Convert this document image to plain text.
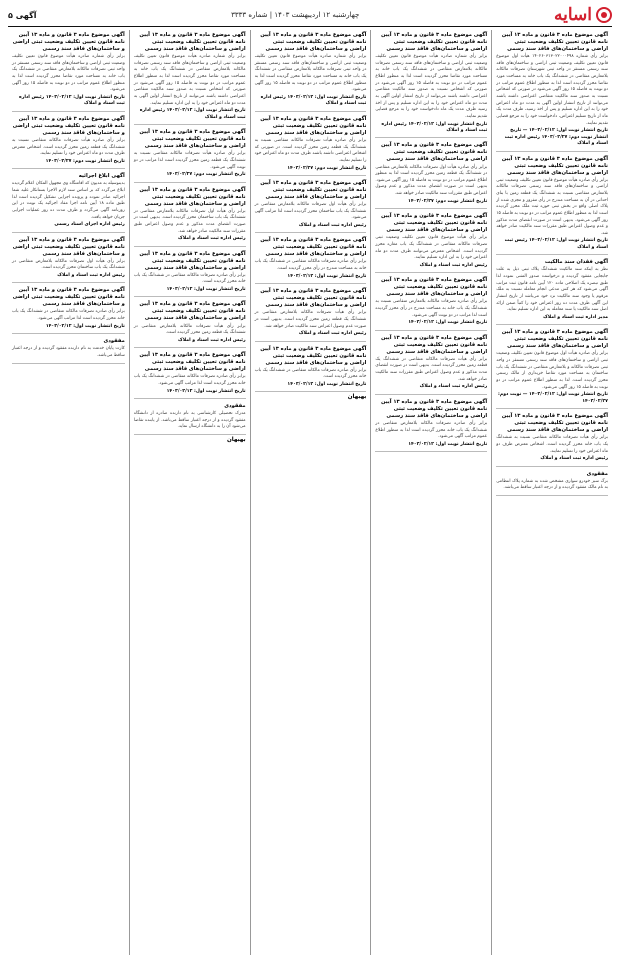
اسایه
چهارشنبه ۱۲ اردیبهشت ۱۴۰۳ | شماره ۳۳۳۳
۵ آگهی
آگهی موضوع ماده ۳ قانون و ماده ۱۳ آیین نامه قانون تعیین تکلیف وضعیت ثبتی اراضی و ساختمان‌های فاقد سند رسمی
برابر رأی شماره ۱۴۰۲۶۰۳۱۳۰۲۲۰۰۰۴۹۸ هیأت اول موضوع قانون تعیین تکلیف وضعیت ثبتی اراضی و ساختمان‌های فاقد سند رسمی مستقر در واحد ثبتی شهرستان تصرفات مالکانه بلامعارض متقاضی در ششدانگ یک باب خانه به مساحت مورد تقاضا محرز گردیده است لذا به منظور اطلاع عموم مراتب در دو نوبت به فاصله ۱۵ روز آگهی می‌شود در صورتی که اشخاص نسبت به صدور سند مالکیت متقاضی اعتراضی داشته باشند می‌توانند از تاریخ انتشار اولین آگهی به مدت دو ماه اعتراض خود را به این اداره تسلیم و پس از اخذ رسید، ظرف مدت یک ماه از تاریخ تسلیم اعتراض، دادخواست خود را به مرجع قضایی تقدیم نمایند.
تاریخ انتشار نوبت اول: ۱۴۰۳/۰۲/۱۲ — تاریخ انتشار نوبت دوم: ۱۴۰۳/۰۲/۲۷ رئیس اداره ثبت اسناد و املاک
آگهی موضوع ماده ۳ قانون و ماده ۱۳ آیین نامه قانون تعیین تکلیف وضعیت ثبتی اراضی و ساختمان‌های فاقد سند رسمی
برابر رأی صادره هیأت موضوع قانون تعیین تکلیف وضعیت ثبتی اراضی و ساختمان‌های فاقد سند رسمی تصرفات مالکانه بلامعارض متقاضی نسبت به ششدانگ یک قطعه زمین با بنای احداثی در آن به مساحت مندرج در رأی مفروز و مجزی شده از پلاک اصلی واقع در بخش ثبتی حوزه ثبت ملک محرز گردیده است لذا به منظور اطلاع عموم مراتب در دو نوبت به فاصله ۱۵ روز آگهی می‌شود. بدیهی است در صورت انقضای مدت مذکور و عدم وصول اعتراض طبق مقررات سند مالکیت صادر خواهد شد.
تاریخ انتشار نوبت اول: ۱۴۰۳/۰۲/۱۲ رئیس ثبت اسناد و املاک
آگهی فقدان سند مالکیت
نظر به اینکه سند مالکیت ششدانگ پلاک ثبتی ذیل به علت جابجایی مفقود گردیده و درخواست صدور المثنی نموده لذا طبق تبصره یک اصلاحی ماده ۱۲۰ آیین نامه قانون ثبت مراتب آگهی می‌شود که هر کس مدعی انجام معامله نسبت به ملک مرقوم یا وجود سند مالکیت نزد خود می‌باشد از تاریخ انتشار این آگهی ظرف مدت ده روز اعتراض خود را کتباً ضمن ارائه اصل سند مالکیت یا سند معامله به این اداره تسلیم نماید.
مدیر اداره ثبت اسناد و املاک
آگهی موضوع ماده ۳ قانون و ماده ۱۳ آیین نامه قانون تعیین تکلیف وضعیت ثبتی اراضی و ساختمان‌های فاقد سند رسمی
برابر رأی صادره هیأت اول موضوع قانون تعیین تکلیف وضعیت ثبتی اراضی و ساختمان‌های فاقد سند رسمی مستقر در واحد ثبتی تصرفات مالکانه و بلامعارض متقاضی در ششدانگ یک باب ساختمان به مساحت مورد تقاضا خریداری از مالک رسمی محرز گردیده است. لذا به منظور اطلاع عموم مراتب در دو نوبت به فاصله ۱۵ روز آگهی می‌شود.
تاریخ انتشار نوبت اول: ۱۴۰۳/۰۲/۱۲ — نوبت دوم: ۱۴۰۳/۰۲/۲۷
آگهی موضوع ماده ۳ قانون و ماده ۱۳ آیین نامه قانون تعیین تکلیف وضعیت ثبتی اراضی و ساختمان‌های فاقد سند رسمی
برابر رأی هیأت تصرفات مالکانه متقاضی نسبت به ششدانگ یک باب خانه محرز گردیده است. اشخاص معترض ظرف دو ماه اعتراض خود را تسلیم نمایند.
رئیس اداره ثبت اسناد و املاک
مفقودی
برگ سبز خودرو سواری مشخص شده به شماره پلاک انتظامی به نام مالک مفقود گردیده و از درجه اعتبار ساقط می‌باشد.
آگهی موضوع ماده ۳ قانون و ماده ۱۳ آیین نامه قانون تعیین تکلیف وضعیت ثبتی اراضی و ساختمان‌های فاقد سند رسمی
برابر رأی شماره صادره هیأت موضوع قانون تعیین تکلیف وضعیت ثبتی اراضی و ساختمان‌های فاقد سند رسمی تصرفات مالکانه بلامعارض متقاضی در ششدانگ یک باب خانه به مساحت مورد تقاضا محرز گردیده است لذا به منظور اطلاع عموم مراتب در دو نوبت به فاصله ۱۵ روز آگهی می‌شود در صورتی که اشخاص نسبت به صدور سند مالکیت متقاضی اعتراضی داشته باشند می‌توانند از تاریخ انتشار اولین آگهی به مدت دو ماه اعتراض خود را به این اداره تسلیم و پس از اخذ رسید ظرف مدت یک ماه دادخواست خود را به مرجع قضایی تقدیم نمایند.
تاریخ انتشار نوبت اول: ۱۴۰۳/۰۲/۱۲ رئیس اداره ثبت اسناد و املاک
آگهی موضوع ماده ۳ قانون و ماده ۱۳ آیین نامه قانون تعیین تکلیف وضعیت ثبتی اراضی و ساختمان‌های فاقد سند رسمی
برابر رأی صادره هیأت اول تصرفات مالکانه بلامعارض متقاضی در ششدانگ یک قطعه زمین محرز گردیده است لذا به منظور اطلاع عموم مراتب در دو نوبت به فاصله ۱۵ روز آگهی می‌شود. بدیهی است در صورت انقضای مدت مذکور و عدم وصول اعتراض طبق مقررات سند مالکیت صادر خواهد شد.
تاریخ انتشار نوبت دوم: ۱۴۰۳/۰۲/۲۷
آگهی موضوع ماده ۳ قانون و ماده ۱۳ آیین نامه قانون تعیین تکلیف وضعیت ثبتی اراضی و ساختمان‌های فاقد سند رسمی
برابر رأی هیأت موضوع قانون تعیین تکلیف وضعیت ثبتی تصرفات مالکانه متقاضی در ششدانگ یک باب مغازه محرز گردیده است. اشخاص معترض می‌توانند ظرف مدت دو ماه اعتراض خود را به این اداره تسلیم نمایند.
رئیس اداره ثبت اسناد و املاک
آگهی موضوع ماده ۳ قانون و ماده ۱۳ آیین نامه قانون تعیین تکلیف وضعیت ثبتی اراضی و ساختمان‌های فاقد سند رسمی
برابر رأی صادره تصرفات مالکانه بلامعارض متقاضی نسبت به ششدانگ یک باب خانه به مساحت مندرج در رأی محرز گردیده است لذا مراتب در دو نوبت آگهی می‌شود.
تاریخ انتشار نوبت اول: ۱۴۰۳/۰۲/۱۲
آگهی موضوع ماده ۳ قانون و ماده ۱۳ آیین نامه قانون تعیین تکلیف وضعیت ثبتی اراضی و ساختمان‌های فاقد سند رسمی
برابر رأی هیأت تصرفات مالکانه متقاضی در ششدانگ یک قطعه زمین محرز گردیده است. بدیهی است در صورت انقضای مدت مذکور و عدم وصول اعتراض طبق مقررات سند مالکیت صادر خواهد شد.
رئیس اداره ثبت اسناد و املاک
آگهی موضوع ماده ۳ قانون و ماده ۱۳ آیین نامه قانون تعیین تکلیف وضعیت ثبتی اراضی و ساختمان‌های فاقد سند رسمی
برابر رأی صادره تصرفات مالکانه بلامعارض متقاضی در ششدانگ یک باب خانه محرز گردیده است لذا به منظور اطلاع عموم مراتب آگهی می‌شود.
تاریخ انتشار نوبت اول: ۱۴۰۳/۰۲/۱۲
آگهی موضوع ماده ۳ قانون و ماده ۱۳ آیین نامه قانون تعیین تکلیف وضعیت ثبتی اراضی و ساختمان‌های فاقد سند رسمی
برابر رأی شماره صادره هیأت موضوع قانون تعیین تکلیف وضعیت ثبتی اراضی و ساختمان‌های فاقد سند رسمی مستقر در واحد ثبتی تصرفات مالکانه بلامعارض متقاضی در ششدانگ یک باب خانه به مساحت مورد تقاضا محرز گردیده است لذا به منظور اطلاع عموم مراتب در دو نوبت به فاصله ۱۵ روز آگهی می‌شود.
تاریخ انتشار نوبت اول: ۱۴۰۳/۰۲/۱۲ رئیس اداره ثبت اسناد و املاک
آگهی موضوع ماده ۳ قانون و ماده ۱۳ آیین نامه قانون تعیین تکلیف وضعیت ثبتی اراضی و ساختمان‌های فاقد سند رسمی
برابر رأی صادره هیأت تصرفات مالکانه متقاضی نسبت به ششدانگ یک قطعه زمین محرز گردیده است. در صورتی که اشخاص اعتراضی داشته باشند ظرف مدت دو ماه اعتراض خود را تسلیم نمایند.
تاریخ انتشار نوبت دوم: ۱۴۰۳/۰۲/۲۷
آگهی موضوع ماده ۳ قانون و ماده ۱۳ آیین نامه قانون تعیین تکلیف وضعیت ثبتی اراضی و ساختمان‌های فاقد سند رسمی
برابر رأی هیأت اول تصرفات مالکانه بلامعارض متقاضی در ششدانگ یک باب ساختمان محرز گردیده است لذا مراتب آگهی می‌شود.
رئیس اداره ثبت اسناد و املاک
آگهی موضوع ماده ۳ قانون و ماده ۱۳ آیین نامه قانون تعیین تکلیف وضعیت ثبتی اراضی و ساختمان‌های فاقد سند رسمی
برابر رأی صادره تصرفات مالکانه متقاضی در ششدانگ یک باب خانه به مساحت مندرج در رأی محرز گردیده است.
تاریخ انتشار نوبت اول: ۱۴۰۳/۰۲/۱۲
آگهی موضوع ماده ۳ قانون و ماده ۱۳ آیین نامه قانون تعیین تکلیف وضعیت ثبتی اراضی و ساختمان‌های فاقد سند رسمی
برابر رأی هیأت تصرفات مالکانه بلامعارض متقاضی در ششدانگ یک قطعه زمین محرز گردیده است. بدیهی است در صورت عدم وصول اعتراض سند مالکیت صادر خواهد شد.
رئیس اداره ثبت اسناد و املاک
آگهی موضوع ماده ۳ قانون و ماده ۱۳ آیین نامه قانون تعیین تکلیف وضعیت ثبتی اراضی و ساختمان‌های فاقد سند رسمی
برابر رأی صادره تصرفات مالکانه متقاضی در ششدانگ یک باب خانه محرز گردیده است.
تاریخ انتشار نوبت اول: ۱۴۰۳/۰۲/۱۲
بهبهان
آگهی موضوع ماده ۳ قانون و ماده ۱۳ آیین نامه قانون تعیین تکلیف وضعیت ثبتی اراضی و ساختمان‌های فاقد سند رسمی
برابر رأی شماره صادره هیأت موضوع قانون تعیین تکلیف وضعیت ثبتی اراضی و ساختمان‌های فاقد سند رسمی تصرفات مالکانه بلامعارض متقاضی در ششدانگ یک باب خانه به مساحت مورد تقاضا محرز گردیده است لذا به منظور اطلاع عموم مراتب در دو نوبت به فاصله ۱۵ روز آگهی می‌شود در صورتی که اشخاص نسبت به صدور سند مالکیت متقاضی اعتراضی داشته باشند می‌توانند از تاریخ انتشار اولین آگهی به مدت دو ماه اعتراض خود را به این اداره تسلیم نمایند.
تاریخ انتشار نوبت اول: ۱۴۰۳/۰۲/۱۲ رئیس اداره ثبت اسناد و املاک
آگهی موضوع ماده ۳ قانون و ماده ۱۳ آیین نامه قانون تعیین تکلیف وضعیت ثبتی اراضی و ساختمان‌های فاقد سند رسمی
برابر رأی صادره هیأت تصرفات مالکانه متقاضی نسبت به ششدانگ یک قطعه زمین محرز گردیده است لذا مراتب در دو نوبت آگهی می‌شود.
تاریخ انتشار نوبت دوم: ۱۴۰۳/۰۲/۲۷
آگهی موضوع ماده ۳ قانون و ماده ۱۳ آیین نامه قانون تعیین تکلیف وضعیت ثبتی اراضی و ساختمان‌های فاقد سند رسمی
برابر رأی هیأت اول تصرفات مالکانه بلامعارض متقاضی در ششدانگ یک باب ساختمان محرز گردیده است. بدیهی است در صورت انقضای مدت مذکور و عدم وصول اعتراض طبق مقررات سند مالکیت صادر خواهد شد.
رئیس اداره ثبت اسناد و املاک
آگهی موضوع ماده ۳ قانون و ماده ۱۳ آیین نامه قانون تعیین تکلیف وضعیت ثبتی اراضی و ساختمان‌های فاقد سند رسمی
برابر رأی صادره تصرفات مالکانه متقاضی در ششدانگ یک باب خانه محرز گردیده است.
تاریخ انتشار نوبت اول: ۱۴۰۳/۰۲/۱۲
آگهی موضوع ماده ۳ قانون و ماده ۱۳ آیین نامه قانون تعیین تکلیف وضعیت ثبتی اراضی و ساختمان‌های فاقد سند رسمی
برابر رأی هیأت تصرفات مالکانه بلامعارض متقاضی در ششدانگ یک قطعه زمین محرز گردیده است.
رئیس اداره ثبت اسناد و املاک
آگهی موضوع ماده ۳ قانون و ماده ۱۳ آیین نامه قانون تعیین تکلیف وضعیت ثبتی اراضی و ساختمان‌های فاقد سند رسمی
برابر رأی صادره تصرفات مالکانه متقاضی در ششدانگ یک باب خانه محرز گردیده است لذا مراتب آگهی می‌شود.
تاریخ انتشار نوبت اول: ۱۴۰۳/۰۲/۱۲
مفقودی
مدرک تحصیلی کارشناسی به نام دارنده صادره از دانشگاه مفقود گردیده و از درجه اعتبار ساقط می‌باشد. از یابنده تقاضا می‌شود آن را به دانشگاه ارسال نماید.
بهبهان
آگهی موضوع ماده ۳ قانون و ماده ۱۳ آیین نامه قانون تعیین تکلیف وضعیت ثبتی اراضی و ساختمان‌های فاقد سند رسمی
برابر رأی شماره صادره هیأت موضوع قانون تعیین تکلیف وضعیت ثبتی اراضی و ساختمان‌های فاقد سند رسمی مستقر در واحد ثبتی تصرفات مالکانه بلامعارض متقاضی در ششدانگ یک باب خانه به مساحت مورد تقاضا محرز گردیده است لذا به منظور اطلاع عموم مراتب در دو نوبت به فاصله ۱۵ روز آگهی می‌شود.
تاریخ انتشار نوبت اول: ۱۴۰۳/۰۲/۱۲ رئیس اداره ثبت اسناد و املاک
آگهی موضوع ماده ۳ قانون و ماده ۱۳ آیین نامه قانون تعیین تکلیف وضعیت ثبتی اراضی و ساختمان‌های فاقد سند رسمی
برابر رأی صادره هیأت تصرفات مالکانه متقاضی نسبت به ششدانگ یک قطعه زمین محرز گردیده است. اشخاص معترض ظرف مدت دو ماه اعتراض خود را تسلیم نمایند.
تاریخ انتشار نوبت دوم: ۱۴۰۳/۰۲/۲۷
آگهی ابلاغ اجرائیه
بدینوسیله به مدیون که اقامتگاه وی مجهول المکان اعلام گردیده ابلاغ می‌گردد که بر اساس سند لازم الاجرا بستانکار علیه شما اجرائیه صادر نموده و پرونده اجرایی تشکیل گردیده است لذا طبق ماده ۱۸ آیین نامه اجرا مفاد اجرائیه یک نوبت در این روزنامه آگهی می‌گردد و ظرف مدت ده روز عملیات اجرایی جریان خواهد یافت.
رئیس اداره اجرای اسناد رسمی
آگهی موضوع ماده ۳ قانون و ماده ۱۳ آیین نامه قانون تعیین تکلیف وضعیت ثبتی اراضی و ساختمان‌های فاقد سند رسمی
برابر رأی هیأت اول تصرفات مالکانه بلامعارض متقاضی در ششدانگ یک باب ساختمان محرز گردیده است.
رئیس اداره ثبت اسناد و املاک
آگهی موضوع ماده ۳ قانون و ماده ۱۳ آیین نامه قانون تعیین تکلیف وضعیت ثبتی اراضی و ساختمان‌های فاقد سند رسمی
برابر رأی صادره تصرفات مالکانه متقاضی در ششدانگ یک باب خانه محرز گردیده است لذا مراتب آگهی می‌شود.
تاریخ انتشار نوبت اول: ۱۴۰۳/۰۲/۱۲
مفقودی
کارت پایان خدمت به نام دارنده مفقود گردیده و از درجه اعتبار ساقط می‌باشد.
